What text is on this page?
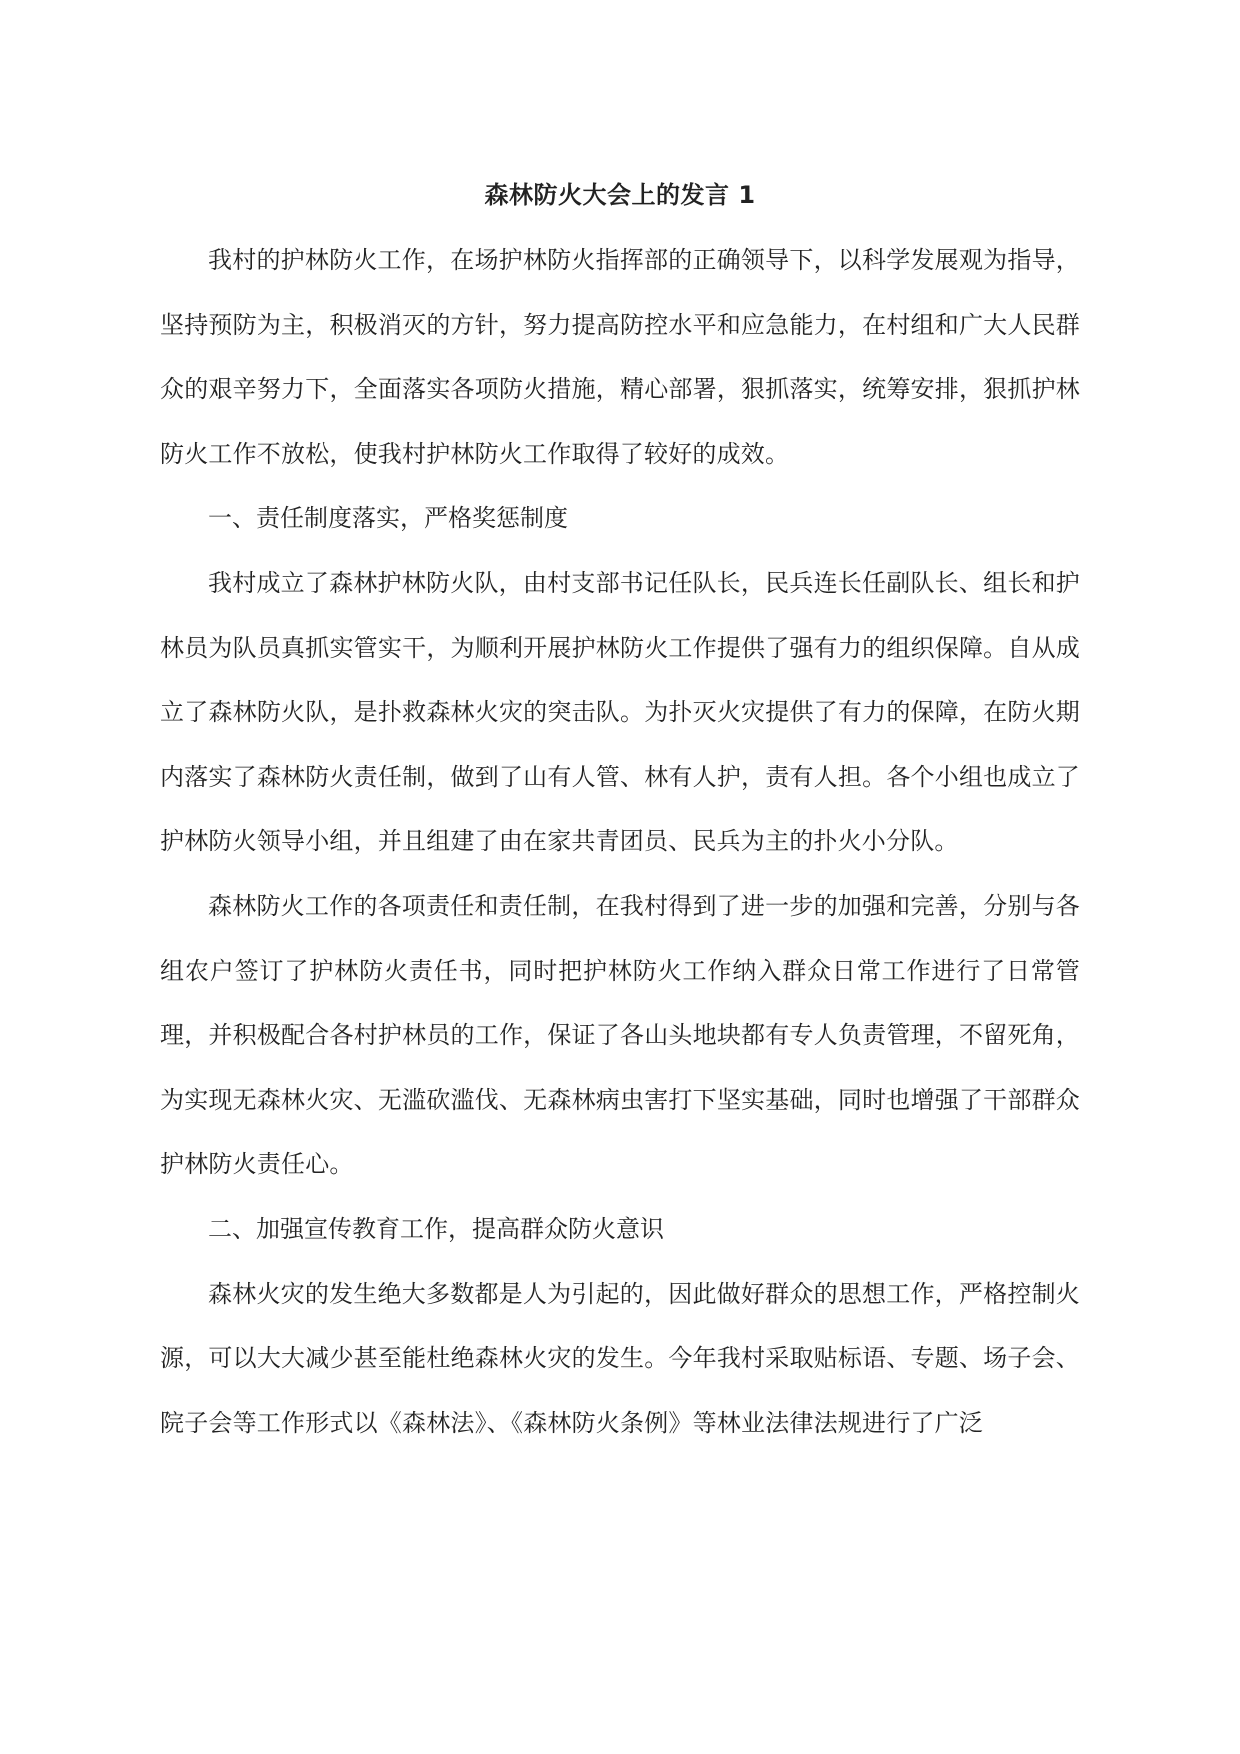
森林防火大会上的发言 1

我村的护林防火工作，在场护林防火指挥部的正确领导下，以科学发展观为指导，坚持预防为主，积极消灭的方针，努力提高防控水平和应急能力，在村组和广大人民群众的艰辛努力下，全面落实各项防火措施，精心部署，狠抓落实，统筹安排，狠抓护林防火工作不放松，使我村护林防火工作取得了较好的成效。

一、责任制度落实，严格奖惩制度

我村成立了森林护林防火队，由村支部书记任队长，民兵连长任副队长、组长和护林员为队员真抓实管实干，为顺利开展护林防火工作提供了强有力的组织保障。自从成立了森林防火队，是扑救森林火灾的突击队。为扑灭火灾提供了有力的保障，在防火期内落实了森林防火责任制，做到了山有人管、林有人护，责有人担。各个小组也成立了护林防火领导小组，并且组建了由在家共青团员、民兵为主的扑火小分队。

森林防火工作的各项责任和责任制，在我村得到了进一步的加强和完善，分别与各组农户签订了护林防火责任书，同时把护林防火工作纳入群众日常工作进行了日常管理，并积极配合各村护林员的工作，保证了各山头地块都有专人负责管理，不留死角，为实现无森林火灾、无滥砍滥伐、无森林病虫害打下坚实基础，同时也增强了干部群众护林防火责任心。

二、加强宣传教育工作，提高群众防火意识

森林火灾的发生绝大多数都是人为引起的，因此做好群众的思想工作，严格控制火源，可以大大减少甚至能杜绝森林火灾的发生。今年我村采取贴标语、专题、场子会、院子会等工作形式以《森林法》、《森林防火条例》等林业法律法规进行了广泛
